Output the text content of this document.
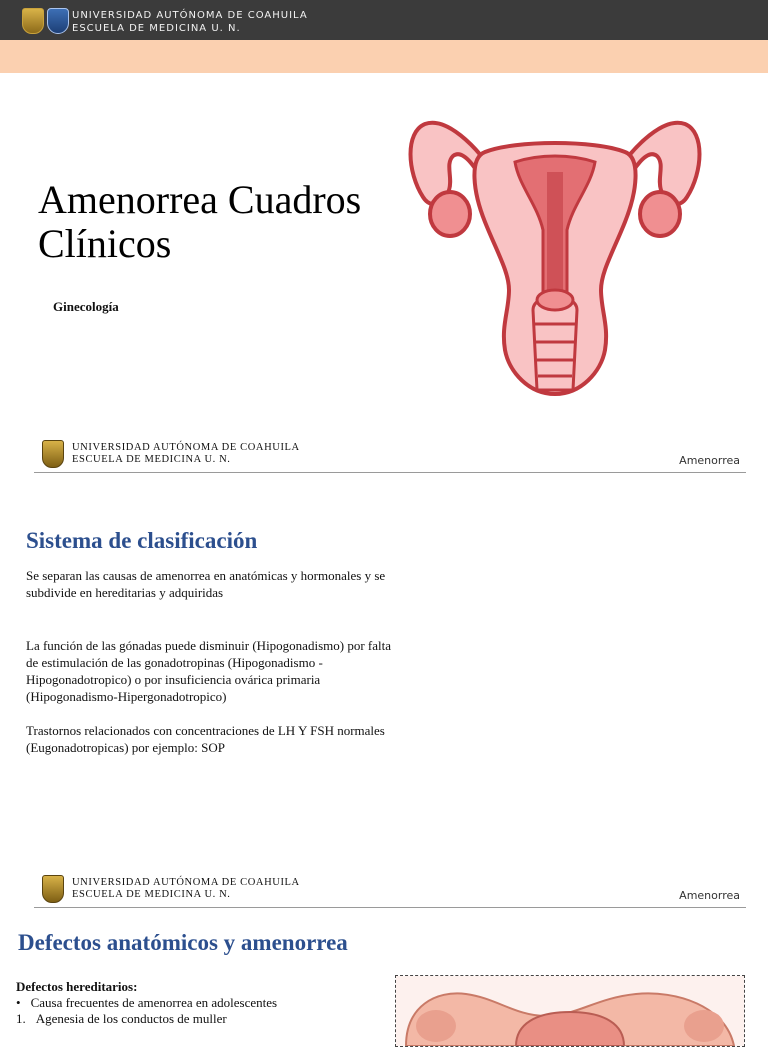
UNIVERSIDAD AUTÓNOMA DE COAHUILA
ESCUELA DE MEDICINA U. N.
Amenorrea Cuadros
Clínicos
Ginecología
UNIVERSIDAD AUTÓNOMA DE COAHUILA
ESCUELA DE MEDICINA U. N.	Amenorrea
Sistema de clasificación

Se separan las causas de amenorrea en anatómicas y hormonales y se subdivide en hereditarias y adquiridas

La función de las gónadas puede disminuir (Hipogonadismo) por falta de estimulación de las gonadotropinas (Hipogonadismo -Hipogonadotropico) o por insuficiencia ovárica primaria (Hipogonadismo-Hipergonadotropico)

Trastornos relacionados con concentraciones de LH Y FSH normales (Eugonadotropicas) por ejemplo: SOP

UNIVERSIDAD AUTÓNOMA DE COAHUILA
ESCUELA DE MEDICINA U. N.	Amenorrea
Defectos anatómicos y amenorrea
Defectos hereditarios:
• Causa frecuentes de amenorrea en adolescentes
1. Agenesia de los conductos de muller
